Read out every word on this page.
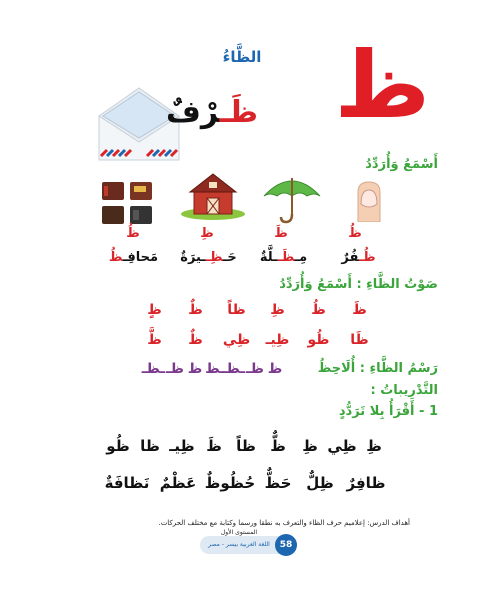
ظ
الظَّاءُ
ظَـرْفٌ
أَسْمَعُ وَأُرَدِّدُ
ظُ
ظَ
ظِ
ظُ
ظُـفُرٌ
مِـظَــلَّةٌ
حَـظِــيرَةٌ
مَحافِـظُ
صَوْتُ الظَّاءِ : أَسْمَعُ وَأُرَدِّدُ
ظَ
ظُ
ظِ
ظاً
ظٌ
ظٍ
ظَا
ظُو
ظِيـ
ظِي
ظٌ
ظَّ
رَسْمُ الظَّاءِ : أُلَاحِظُ
ظ
ظـ
ـظـ
ـظ
ظ
ظـ
ـظـ
التَّدْرِيباتُ :
1 - أَقْرَأُ بِلا تَرَدُّدٍ
ظِ
ظِي
ظِ
ظٌّ
ظاً
ظَ
ظِيـ
ظا
ظُو
ظافِرٌ
ظِلٌّ
حَظٌّ
حُظُوظٌ
عَظْمٌ
نَظافَةٌ
أهداف الدرس: إعلاميم حرف الظاء والتعرف به نطقا ورسما وكتابة مع مختلف الحركات.
المستوى الأول
اللغة العربية بيسر - مصر	58
